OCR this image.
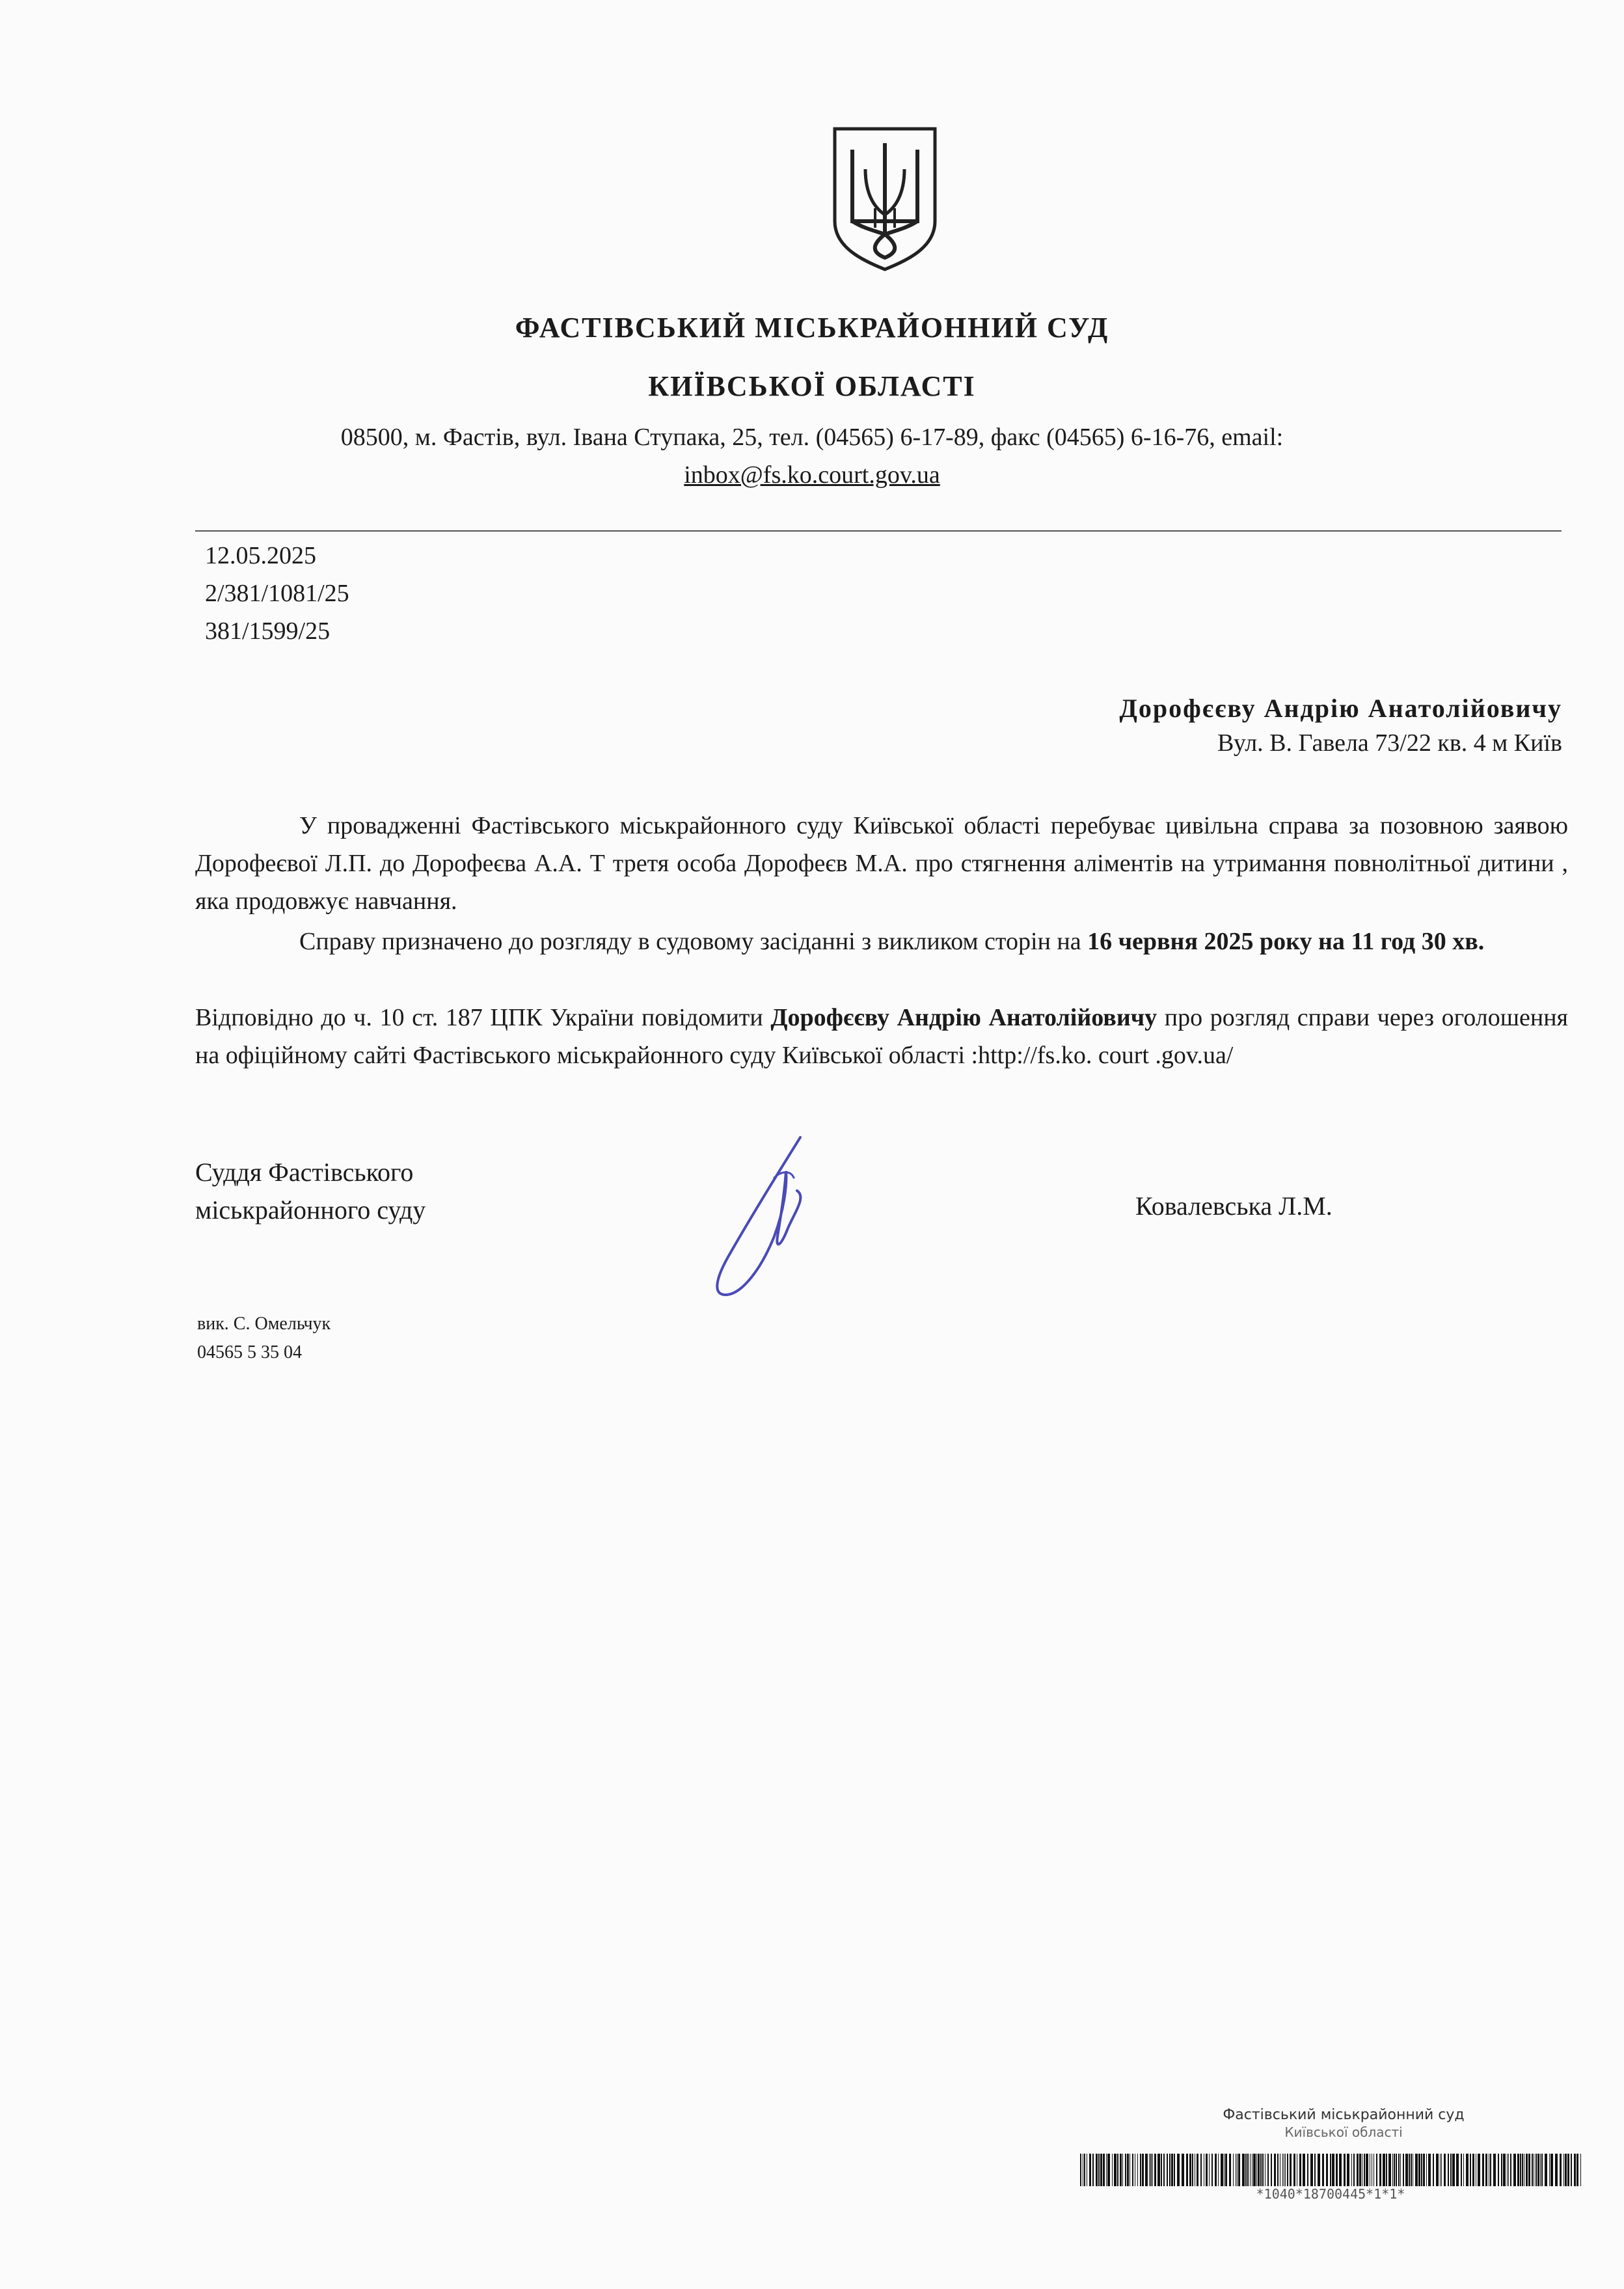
ФАСТІВСЬКИЙ МІСЬКРАЙОННИЙ СУД
КИЇВСЬКОЇ ОБЛАСТІ
08500, м. Фастів, вул. Івана Ступака, 25, тел. (04565) 6-17-89, факс (04565) 6-16-76, email:
inbox@fs.ko.court.gov.ua
12.05.2025
2/381/1081/25
381/1599/25
Дорофєєву Андрію Анатолійовичу
Вул. В. Гавела 73/22 кв. 4 м Київ
У провадженні Фастівського міськрайонного суду Київської області перебуває цивільна справа за позовною заявою Дорофеєвої Л.П. до Дорофеєва А.А. Т третя особа Дорофеєв М.А. про стягнення аліментів на утримання повнолітньої дитини , яка продовжує навчання.
Справу призначено до розгляду в судовому засіданні з викликом сторін на 16 червня 2025 року на 11 год 30 хв.
Відповідно до ч. 10 ст. 187 ЦПК України повідомити Дорофєєву Андрію Анатолійовичу про розгляд справи через оголошення на офіційному сайті Фастівського міськрайонного суду Київської області :http://fs.ko. court .gov.ua/
Суддя Фастівського
міськрайонного суду	Ковалевська Л.М.
вик. С. Омельчук
04565 5 35 04
Фастівський міськрайонний суд
Київської області
*1040*18700445*1*1*
